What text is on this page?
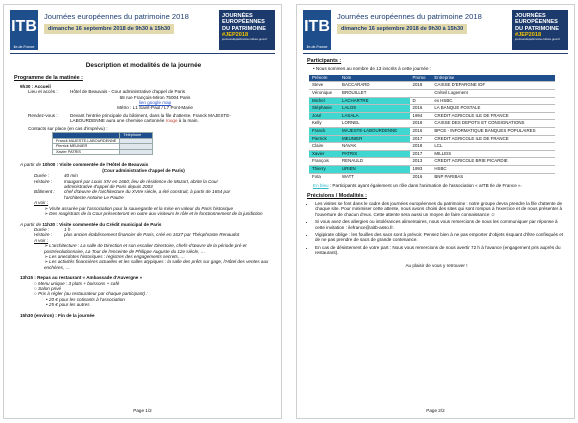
ITB
Ile-de-France
Journées européennes du patrimoine 2018
dimanche 16 septembre 2018 de 9h30 à 15h30
JOURNÉES
EUROPÉENNES
DU PATRIMOINE
#JEP2018
journeesdupatrimoine.culture.gouv.fr
Description et modalités de la journée
Programme de la matinée :
9h30 : Accueil
Lieu et accès :	Hôtel de Beauvais - Cour administrative d'appel de Paris
68 rue François-Miron 75004 Paris
lien google map
Métro : L1 Saint-Paul / L7 Pont-Marie
Rendez-vous :	Devant l'entrée principale du bâtiment, dans la file d'attente. Franck MAJESTE-LABOURDENNE aura une chemise cartonnée rouge à la main.
Contacts sur place (en cas d'imprévu) :
	Téléphone
Franck MAJESTE-LABOURDENNE	06 00 00 00 00
Pierrick MEUNIER	06 00 00 00 00
Xavier PATRIS	06 00 00 00 00
A partir de 10h00 : Visite commentée de l'Hôtel de Beauvais
(Cour administrative d'appel de Paris)
Durée :	40 min
Histoire :	Inauguré par Louis XIV en 1660, lieu de résidence de Mozart, abrite la Cour administrative d'appel de Paris depuis 2003
Bâtiment : chef d'œuvre de l'architecture du XVIIe siècle, a été construit, à partir de 1654 par l'architecte Antoine Le Pautre
A voir :
➢ Visite assurée par l'association pour la sauvegarde et la mise en valeur du Paris historique
➢ Des magistrats de la Cour présenteront en outre aux visiteurs le rôle et le fonctionnement de la juridiction
A partir de 11h30 : Visite commentée du Crédit municipal de Paris
Durée :	1 h
Histoire :	plus ancien établissement financier de Paris, créé en 1637 par Théophraste Renaudot
A voir :
➢ L'architecture : La salle de Direction et son escalier Directoire, chefs-d'œuvre de la période pré et postrévolutionnaire, La Tour de l'enceinte de Philippe Auguste du 12e siècle, …
➢ Les anecdotes historiques : registres des engagements secrets, …
➢ Les activités financières actuelles et les salles atypiques : la salle des prêts sur gage, l'Hôtel des ventes aux enchères, …
13h15 : Repas au restaurant « Ambassade d'Auvergne »
○ Menu unique : 3 plats + boissons + café
○ Salon privé
○ Prix à régler (au restaurateur par chaque participant) :
• 20 € pour les cotisants à l'association
• 25 € pour les autres
15h30 (environ) : Fin de la journée
Page 1/2
ITB
Ile-de-France
Journées européennes du patrimoine 2018
dimanche 16 septembre 2018 de 9h30 à 15h30
JOURNÉES
EUROPÉENNES
DU PATRIMOINE
#JEP2018
journeesdupatrimoine.culture.gouv.fr
Participants :
• Nous sommes au nombre de 13 inscrits à cette journée :
Prénom	Nom	Promo	Entreprise
Steve	BACCARARD	2018	CAISSE D'EPARGNE IDF
Véronique	BROUILLET		Créteil Logement
Michel	LACHARTRE	D	ex HSBC
Stéphanie	LALOS	2016	LA BANQUE POSTALE
José	LASALA	1994	CREDIT AGRICOLE ILE DE FRANCE
Kelly	LORNEL	2018	CAISSE DES DEPOTS ET CONSIGNATIONS
Franck	MAJESTE-LABOURDENNE	2016	BPCE - INFORMATIQUE BANQUES POPULAIRES
Pierrick	MEUNIER	2017	CREDIT AGRICOLE ILE DE FRANCE
Claire	NAVAK	2018	LCL
Xavier	PATRIS	2017	MILLEIS
François	RENAULD	2013	CREDIT AGRICOLE BRIE PICARDIE
Thierry	URIEN	1993	HSBC
Fota	WATT	2016	BNP PARIBAS
En bleu : Participants ayant également un rôle dans l'animation de l'association « aITB Ile de France ».
Précisions / Modalités :
• Les visites se font dans le cadre des journées européennes du patrimoine : notre groupe devra prendre la file d'attente de chaque site. Pour minimiser cette attente, nous avons choisi des sites qui sont rompus à l'exercice et de nous présenter à l'ouverture de chacun d'eux. Cette attente sera aussi un moyen de faire connaissance ☺
• Si vous avez des allergies ou intolérances alimentaires, nous vous remercions de nous les communiquer par réponse à cette invitation : ilefrance@aitb-asso.fr.
• Vigipirate oblige : les fouilles des sacs sont à prévoir. Pensez bien à ne pas emporter d'objets risquant d'être confisqués et de ne pas prendre de sacs de grande contenance.
• En cas de désistement de votre part : Nous vous remercions de nous avertir 72 h à l'avance (engagement pris auprès du restaurant).
Au plaisir de vous y retrouver !
Page 2/2
